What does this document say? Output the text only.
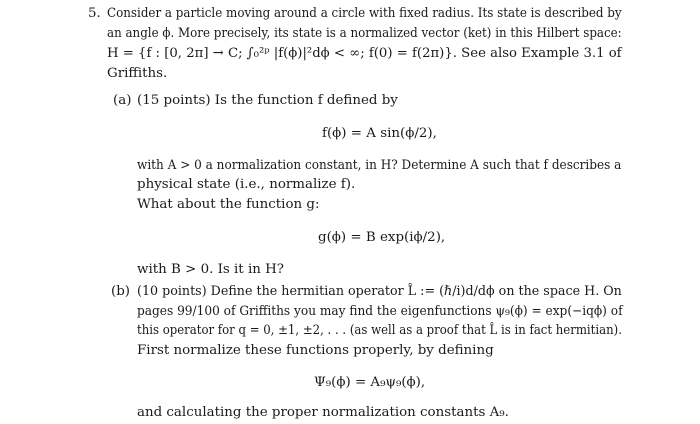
5. Consider a particle moving around a circle with fixed radius. Its state is described by
an angle ϕ. More precisely, its state is a normalized vector (ket) in this Hilbert space:
H = {f : [0, 2π] → C; ∫₀²ᵖ |f(ϕ)|²dϕ < ∞; f(0) = f(2π)}. See also Example 3.1 of
Griffiths.
(a) (15 points) Is the function f defined by
f(ϕ) = A sin(ϕ/2),
with A > 0 a normalization constant, in H? Determine A such that f describes a
physical state (i.e., normalize f).
What about the function g:
g(ϕ) = B exp(iϕ/2),
with B > 0. Is it in H?
(b) (10 points) Define the hermitian operator L̂ := (ℏ/i)d/dϕ on the space H. On
pages 99/100 of Griffiths you may find the eigenfunctions ψ₉(ϕ) = exp(−iqϕ) of
this operator for q = 0, ±1, ±2, . . . (as well as a proof that L̂ is in fact hermitian).
First normalize these functions properly, by defining
Ψ₉(ϕ) = A₉ψ₉(ϕ),
and calculating the proper normalization constants A₉.
